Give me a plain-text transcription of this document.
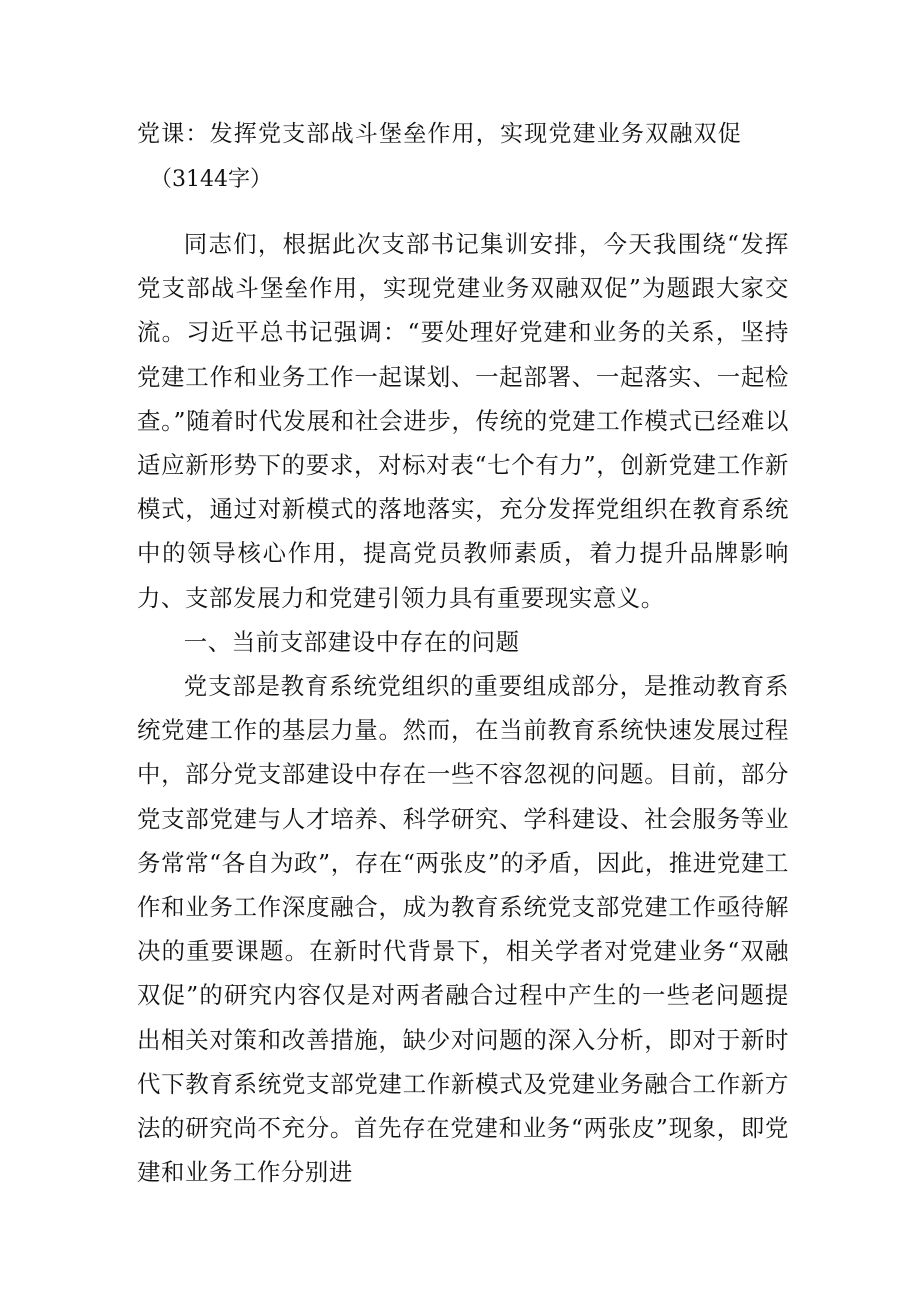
党课：发挥党支部战斗堡垒作用，实现党建业务双融双促
（3144字）

同志们，根据此次支部书记集训安排，今天我围绕“发挥党支部战斗堡垒作用，实现党建业务双融双促”为题跟大家交流。习近平总书记强调：“要处理好党建和业务的关系，坚持党建工作和业务工作一起谋划、一起部署、一起落实、一起检查。”随着时代发展和社会进步，传统的党建工作模式已经难以适应新形势下的要求，对标对表“七个有力”，创新党建工作新模式，通过对新模式的落地落实，充分发挥党组织在教育系统中的领导核心作用，提高党员教师素质，着力提升品牌影响力、支部发展力和党建引领力具有重要现实意义。

一、当前支部建设中存在的问题

党支部是教育系统党组织的重要组成部分，是推动教育系统党建工作的基层力量。然而，在当前教育系统快速发展过程中，部分党支部建设中存在一些不容忽视的问题。目前，部分党支部党建与人才培养、科学研究、学科建设、社会服务等业务常常“各自为政”，存在“两张皮”的矛盾，因此，推进党建工作和业务工作深度融合，成为教育系统党支部党建工作亟待解决的重要课题。在新时代背景下，相关学者对党建业务“双融双促”的研究内容仅是对两者融合过程中产生的一些老问题提出相关对策和改善措施，缺少对问题的深入分析，即对于新时代下教育系统党支部党建工作新模式及党建业务融合工作新方法的研究尚不充分。首先存在党建和业务“两张皮”现象，即党建和业务工作分别进
